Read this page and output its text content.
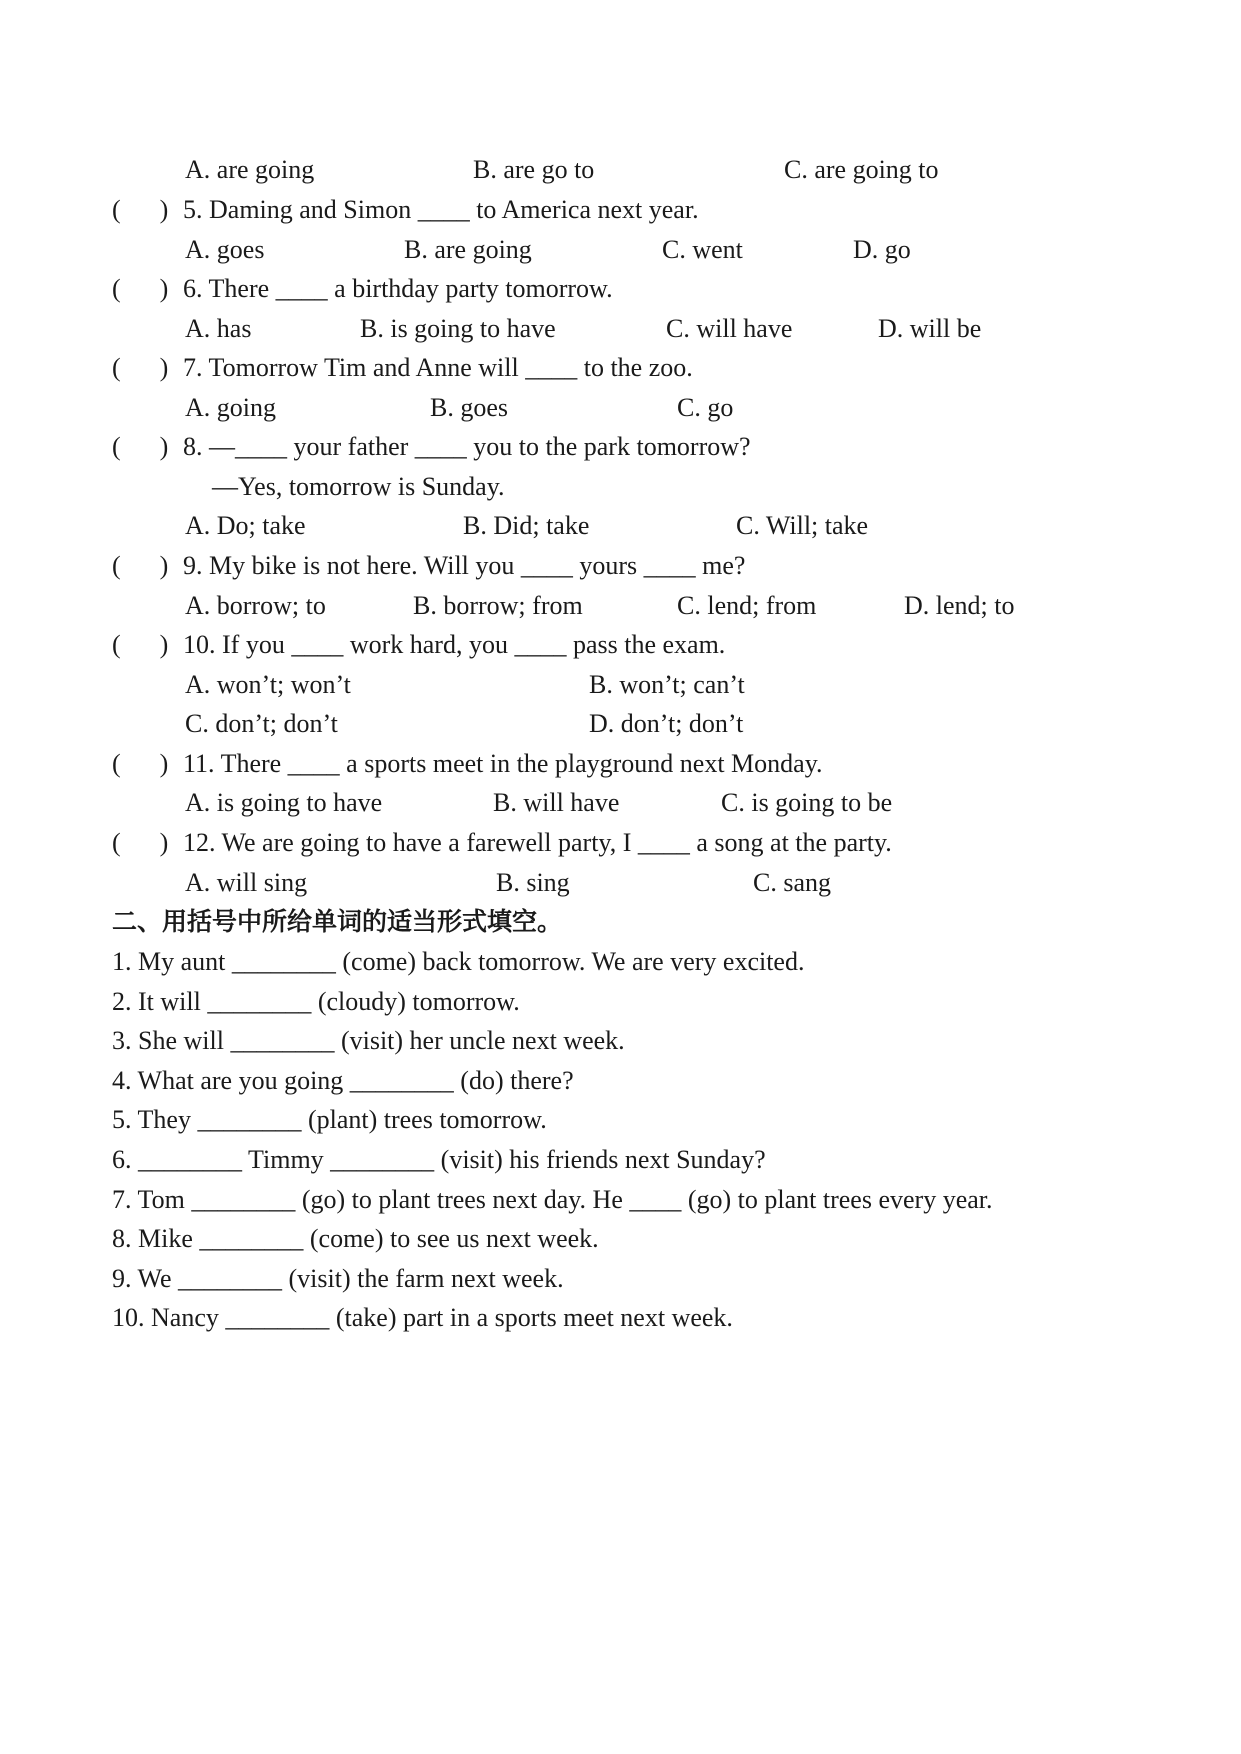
A. are going	B. are go to	C. are going to
(      ) 5. Daming and Simon ____ to America next year.
A. goes	B. are going	C. went	D. go
(      ) 6. There ____ a birthday party tomorrow.
A. has	B. is going to have	C. will have	D. will be
(      ) 7. Tomorrow Tim and Anne will ____ to the zoo.
A. going	B. goes	C. go
(      ) 8. —____ your father ____ you to the park tomorrow?
—Yes, tomorrow is Sunday.
A. Do; take	B. Did; take	C. Will; take
(      ) 9. My bike is not here. Will you ____ yours ____ me?
A. borrow; to	B. borrow; from	C. lend; from	D. lend; to
(      ) 10. If you ____ work hard, you ____ pass the exam.
A. won’t; won’t	B. won’t; can’t
C. don’t; don’t	D. don’t; don’t
(      ) 11. There ____ a sports meet in the playground next Monday.
A. is going to have	B. will have	C. is going to be
(      ) 12. We are going to have a farewell party, I ____ a song at the party.
A. will sing	B. sing	C. sang
二、用括号中所给单词的适当形式填空。
1. My aunt ________ (come) back tomorrow. We are very excited.
2. It will ________ (cloudy) tomorrow.
3. She will ________ (visit) her uncle next week.
4. What are you going ________ (do) there?
5. They ________ (plant) trees tomorrow.
6. ________ Timmy ________ (visit) his friends next Sunday?
7. Tom ________ (go) to plant trees next day. He ____ (go) to plant trees every year.
8. Mike ________ (come) to see us next week.
9. We ________ (visit) the farm next week.
10. Nancy ________ (take) part in a sports meet next week.
